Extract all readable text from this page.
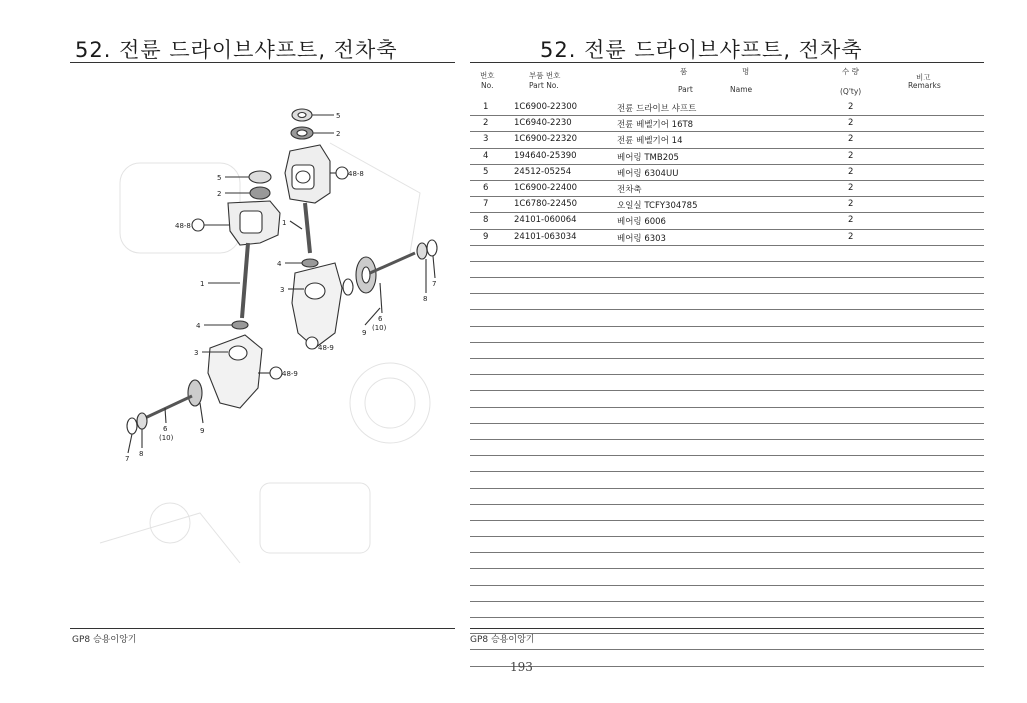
52. 전륜 드라이브샤프트, 전차축
5
2
5
2
48-8
48-8	1
4
1
3
4
3
48-9
48-9
9
6
(10)
8
7
9
6
(10)
7
8
GP8 승용이앙기
52. 전륜 드라이브샤프트, 전차축
번호
No.
부품 번호
Part No.
품	명
Part	Name
수 량
(Q'ty)
비고
Remarks
1	1C6900-22300	전륜 드라이브 샤프트	2
2	1C6940-2230	전륜 베벨기어 16T8	2
3	1C6900-22320	전륜 베벨기어 14	2
4	194640-25390	베어링 TMB205	2
5	24512-05254	베어링 6304UU	2
6	1C6900-22400	전차축	2
7	1C6780-22450	오일실 TCFY304785	2
8	24101-060064	베어링 6006	2
9	24101-063034	베어링 6303	2
GP8 승용이앙기
193
